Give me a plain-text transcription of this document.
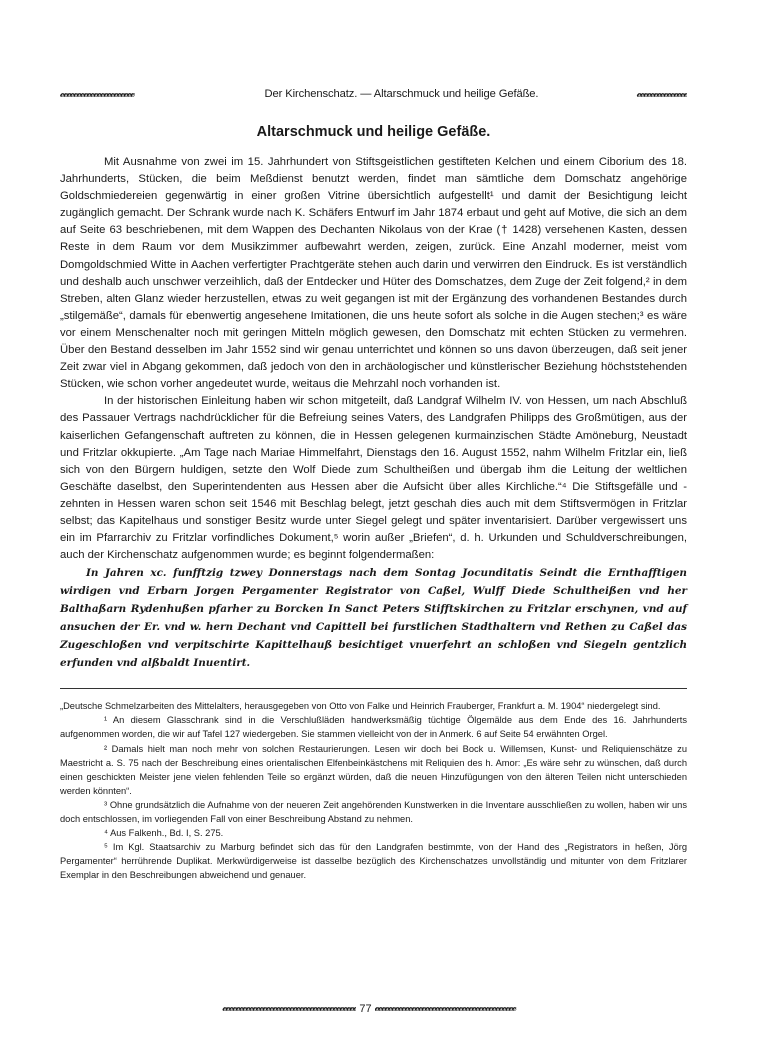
𝓮𝓮𝓮𝓮𝓮𝓮𝓮𝓮𝓮𝓮𝓮𝓮𝓮𝓮𝓮𝓮𝓮𝓮𝓮𝓮𝓮𝓮	Der Kirchenschatz. — Altarschmuck und heilige Gefäße.	𝓮𝓮𝓮𝓮𝓮𝓮𝓮𝓮𝓮𝓮𝓮𝓮𝓮𝓮𝓮
Altarschmuck und heilige Gefäße.

Mit Ausnahme von zwei im 15. Jahrhundert von Stiftsgeistlichen gestifteten Kelchen und einem Ciborium des 18. Jahrhunderts, Stücken, die beim Meßdienst benutzt werden, findet man sämtliche dem Domschatz angehörige Goldschmiedereien gegenwärtig in einer großen Vitrine übersichtlich aufgestellt¹ und damit der Besichtigung leicht zugänglich gemacht. Der Schrank wurde nach K. Schäfers Entwurf im Jahr 1874 erbaut und geht auf Motive, die sich an dem auf Seite 63 beschriebenen, mit dem Wappen des Dechanten Nikolaus von der Krae († 1428) versehenen Kasten, dessen Reste in dem Raum vor dem Musikzimmer aufbewahrt werden, zeigen, zurück. Eine Anzahl moderner, meist vom Domgoldschmied Witte in Aachen verfertigter Prachtgeräte stehen auch darin und verwirren den Eindruck. Es ist verständlich und deshalb auch unschwer verzeihlich, daß der Entdecker und Hüter des Domschatzes, dem Zuge der Zeit folgend,² in dem Streben, alten Glanz wieder herzustellen, etwas zu weit gegangen ist mit der Ergänzung des vorhandenen Bestandes durch „stilgemäße“, damals für ebenwertig angesehene Imitationen, die uns heute sofort als solche in die Augen stechen;³ es wäre vor einem Menschenalter noch mit geringen Mitteln möglich gewesen, den Domschatz mit echten Stücken zu vermehren. Über den Bestand desselben im Jahr 1552 sind wir genau unterrichtet und können so uns davon überzeugen, daß seit jener Zeit zwar viel in Abgang gekommen, daß jedoch von den in archäologischer und künstlerischer Beziehung höchststehenden Stücken, wie schon vorher angedeutet wurde, weitaus die Mehrzahl noch vorhanden ist.

In der historischen Einleitung haben wir schon mitgeteilt, daß Landgraf Wilhelm IV. von Hessen, um nach Abschluß des Passauer Vertrags nachdrücklicher für die Befreiung seines Vaters, des Landgrafen Philipps des Großmütigen, aus der kaiserlichen Gefangenschaft auftreten zu können, die in Hessen gelegenen kurmainzischen Städte Amöneburg, Neustadt und Fritzlar okkupierte. „Am Tage nach Mariae Himmelfahrt, Dienstags den 16. August 1552, nahm Wilhelm Fritzlar ein, ließ sich von den Bürgern huldigen, setzte den Wolf Diede zum Schultheißen und übergab ihm die Leitung der weltlichen Geschäfte daselbst, den Superintendenten aus Hessen aber die Aufsicht über alles Kirchliche.“⁴ Die Stiftsgefälle und -zehnten in Hessen waren schon seit 1546 mit Beschlag belegt, jetzt geschah dies auch mit dem Stiftsvermögen in Fritzlar selbst; das Kapitelhaus und sonstiger Besitz wurde unter Siegel gelegt und später inventarisiert. Darüber vergewissert uns ein im Pfarrarchiv zu Fritzlar vorfindliches Dokument,⁵ worin außer „Briefen“, d. h. Urkunden und Schuldverschreibungen, auch der Kirchenschatz aufgenommen wurde; es beginnt folgendermaßen:

In Jahren xc. funfftzig tzwey Donnerstags nach dem Sontag Jocunditatis Seindt die Ernthafftigen wirdigen vnd Erbarn Jorgen Pergamenter Registrator von Caßel, Wulff Diede Schultheißen vnd her Balthaßarn Rydenhußen pfarher zu Borcken In Sanct Peters Stifftskirchen zu Fritzlar erschynen, vnd auf ansuchen der Er. vnd w. hern Dechant vnd Capittell bei furstlichen Stadthaltern vnd Rethen zu Caßel das Zugeschloßen vnd verpitschirte Kapittelhauß besichtiget vnuerfehrt an schloßen vnd Siegeln gentzlich erfunden vnd alßbaldt Inuentirt.

„Deutsche Schmelzarbeiten des Mittelalters, herausgegeben von Otto von Falke und Heinrich Frauberger, Frankfurt a. M. 1904“ niedergelegt sind.

¹ An diesem Glasschrank sind in die Verschlußläden handwerksmäßig tüchtige Ölgemälde aus dem Ende des 16. Jahrhunderts aufgenommen worden, die wir auf Tafel 127 wiedergeben. Sie stammen vielleicht von der in Anmerk. 6 auf Seite 54 erwähnten Orgel.

² Damals hielt man noch mehr von solchen Restaurierungen. Lesen wir doch bei Bock u. Willemsen, Kunst- und Reliquienschätze zu Maestricht a. S. 75 nach der Beschreibung eines orientalischen Elfenbeinkästchens mit Reliquien des h. Amor: „Es wäre sehr zu wünschen, daß durch einen geschickten Meister jene vielen fehlenden Teile so ergänzt würden, daß die neuen Hinzufügungen von den älteren Teilen nicht unterschieden werden könnten“.

³ Ohne grundsätzlich die Aufnahme von der neueren Zeit angehörenden Kunstwerken in die Inventare ausschließen zu wollen, haben wir uns doch entschlossen, im vorliegenden Fall von einer Beschreibung Abstand zu nehmen.

⁴ Aus Falkenh., Bd. I, S. 275.

⁵ Im Kgl. Staatsarchiv zu Marburg befindet sich das für den Landgrafen bestimmte, von der Hand des „Registrators in heßen, Jörg Pergamenter“ herrührende Duplikat. Merkwürdigerweise ist dasselbe bezüglich des Kirchenschatzes unvollständig und mitunter von dem Fritzlarer Exemplar in den Beschreibungen abweichend und genauer.

𝓮𝓮𝓮𝓮𝓮𝓮𝓮𝓮𝓮𝓮𝓮𝓮𝓮𝓮𝓮𝓮𝓮𝓮𝓮𝓮𝓮𝓮𝓮𝓮𝓮𝓮𝓮𝓮𝓮𝓮𝓮𝓮𝓮𝓮𝓮𝓮𝓮𝓮𝓮𝓮 77 𝓮𝓮𝓮𝓮𝓮𝓮𝓮𝓮𝓮𝓮𝓮𝓮𝓮𝓮𝓮𝓮𝓮𝓮𝓮𝓮𝓮𝓮𝓮𝓮𝓮𝓮𝓮𝓮𝓮𝓮𝓮𝓮𝓮𝓮𝓮𝓮𝓮𝓮𝓮𝓮𝓮𝓮
